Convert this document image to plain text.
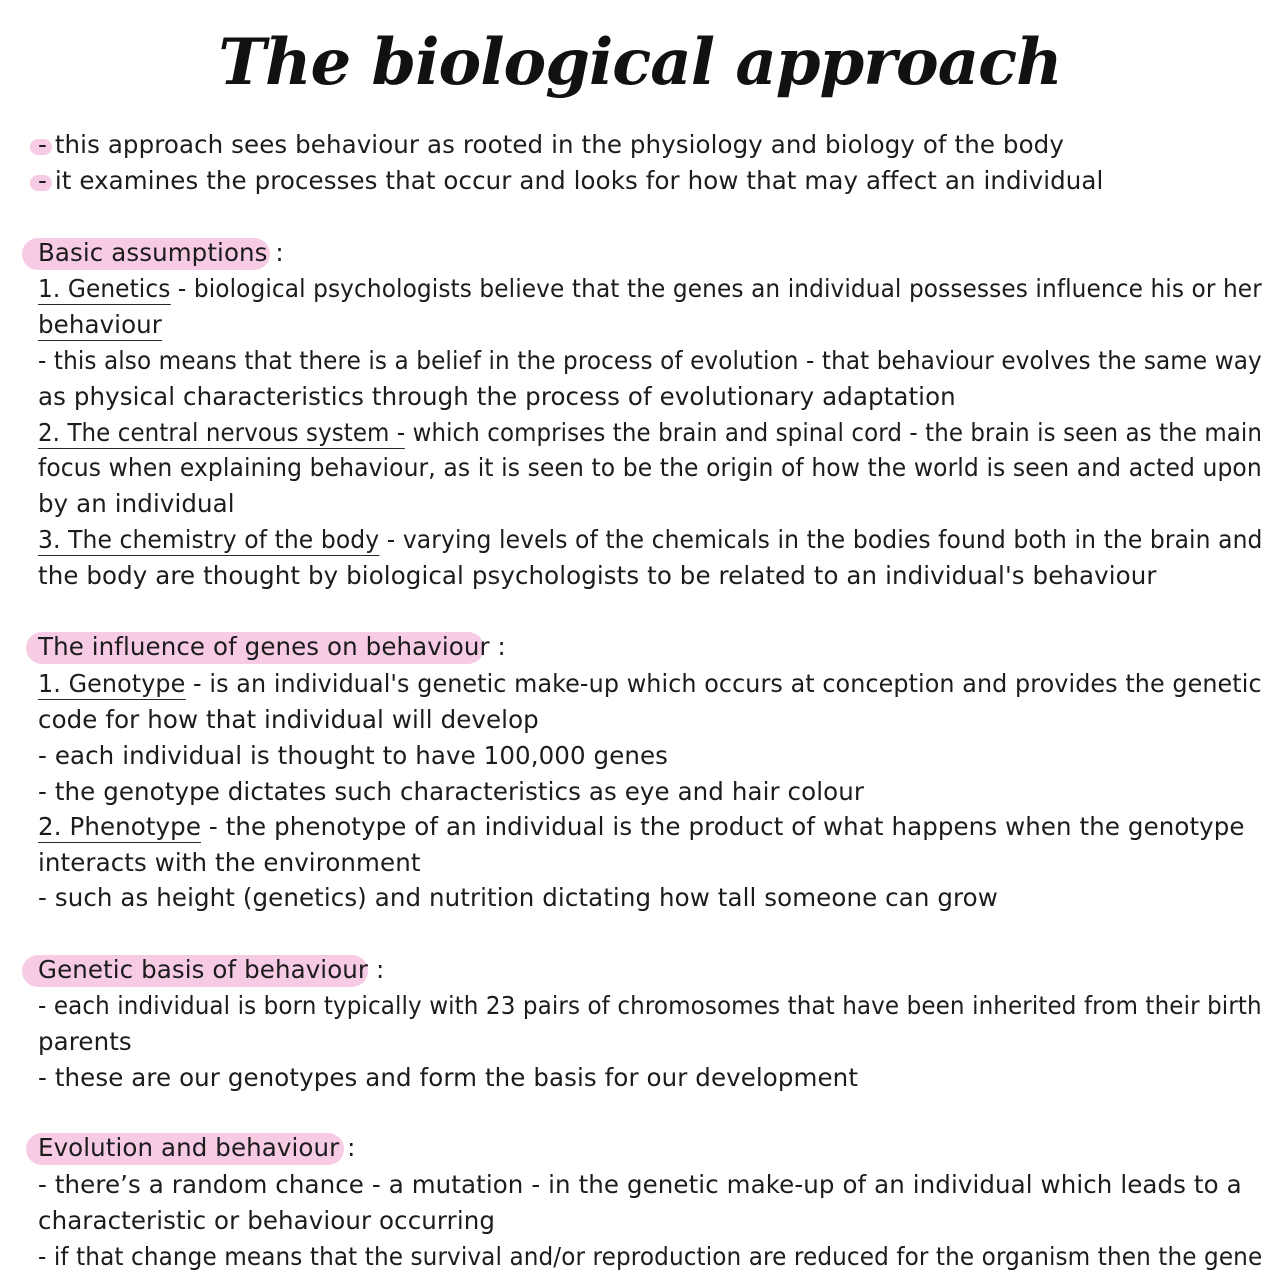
The biological approach
- this approach sees behaviour as rooted in the physiology and biology of the body
- it examines the processes that occur and looks for how that may affect an individual
Basic assumptions :
1. Genetics - biological psychologists believe that the genes an individual possesses influence his or her
behaviour
- this also means that there is a belief in the process of evolution - that behaviour evolves the same way
as physical characteristics through the process of evolutionary adaptation
2. The central nervous system - which comprises the brain and spinal cord - the brain is seen as the main
focus when explaining behaviour, as it is seen to be the origin of how the world is seen and acted upon
by an individual
3. The chemistry of the body - varying levels of the chemicals in the bodies found both in the brain and
the body are thought by biological psychologists to be related to an individual's behaviour
The influence of genes on behaviour :
1. Genotype - is an individual's genetic make-up which occurs at conception and provides the genetic
code for how that individual will develop
- each individual is thought to have 100,000 genes
- the genotype dictates such characteristics as eye and hair colour
2. Phenotype - the phenotype of an individual is the product of what happens when the genotype
interacts with the environment
- such as height (genetics) and nutrition dictating how tall someone can grow
Genetic basis of behaviour :
- each individual is born typically with 23 pairs of chromosomes that have been inherited from their birth
parents
- these are our genotypes and form the basis for our development
Evolution and behaviour :
- there’s a random chance - a mutation - in the genetic make-up of an individual which leads to a
characteristic or behaviour occurring
- if that change means that the survival and/or reproduction are reduced for the organism then the gene
